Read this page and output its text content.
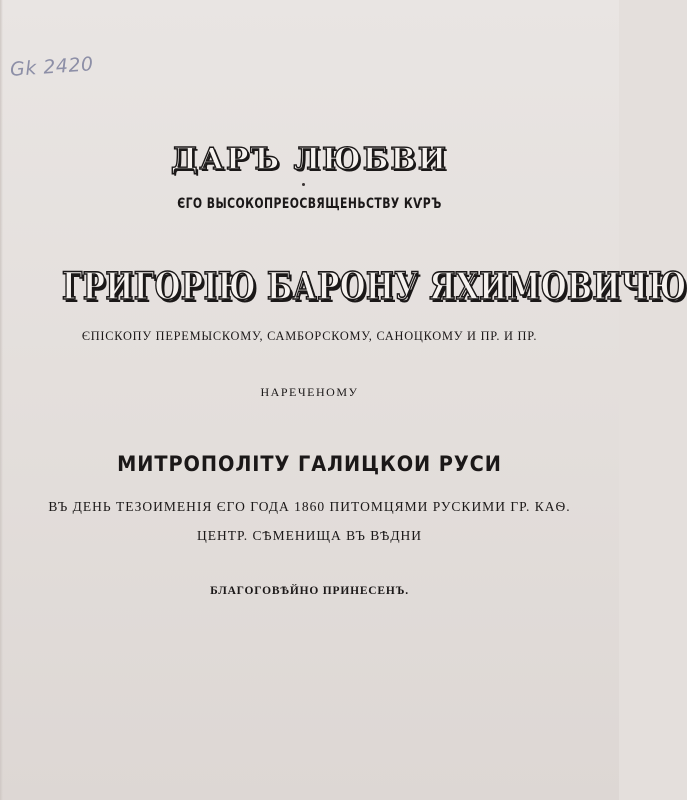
Gk 2420
ДАРЪ ЛЮБВИ
ЄГО ВЫСОКОПРЕОСВЯЩЕНЬСТВУ КѴРЪ
ГРИГОРІЮ БАРОНУ ЯХИМОВИЧЮ
ЄПІСКОПУ ПЕРЕМЫСКОМУ, САМБОРСКОМУ, САНОЦКОМУ И ПР. И ПР.
НАРЕЧЕНОМУ
МИТРОПОЛІТУ ГАЛИЦКОИ РУСИ
ВЪ ДЕНЬ ТЕЗОИМЕНІЯ ЄГО ГОДА 1860 ПИТОМЦЯМИ РУСКИМИ ГР. КАѲ.
ЦЕНТР. СѢМЕНИЩА ВЪ ВѢДНИ
БЛАГОГОВѢЙНО ПРИНЕСЕНЪ.
